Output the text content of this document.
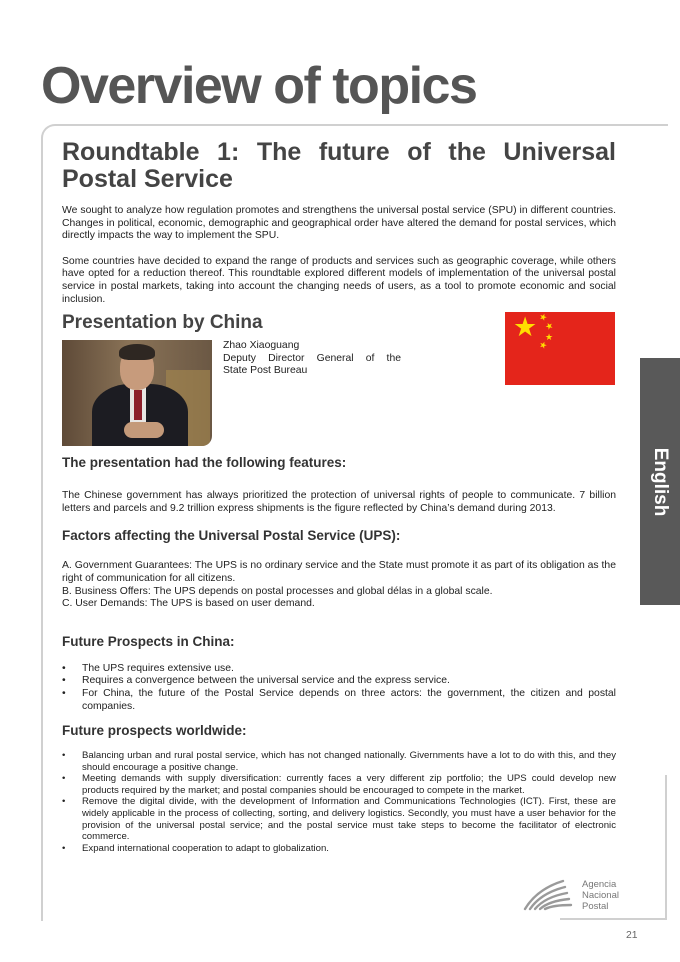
Overview of topics
Roundtable 1: The future of the Universal Postal Service

We sought to analyze how regulation promotes and strengthens the universal postal service (SPU) in different countries. Changes in political, economic, demographic and geographical order have altered the demand for postal services, which directly impacts the way to implement the SPU.

Some countries have decided to expand the range of products and services such as geographic coverage, while others have opted for a reduction thereof. This roundtable explored different models of implementation of the universal postal service in postal markets, taking into account the changing needs of users, as a tool to promote economic and social inclusion.

Presentation by China
Zhao Xiaoguang
Deputy Director General of the
State Post Bureau
★ ★
★
★
★
The presentation had the following features:

The Chinese government has always prioritized the protection of universal rights of people to communicate. 7 billion letters and parcels and 9.2 trillion express shipments is the figure reflected by China’s demand during 2013.

Factors affecting the Universal Postal Service (UPS):

A. Government Guarantees: The UPS is no ordinary service and the State must promote it as part of its obligation as the right of communication for all citizens.

B. Business Offers: The UPS depends on postal processes and global délas in a global scale.

C. User Demands: The UPS is based on user demand.

Future Prospects in China:
• The UPS requires extensive use.
• Requires a convergence between the universal service and the express service.
• For China, the future of the Postal Service depends on three actors: the government, the citizen and postal companies.
Future prospects worldwide:
• Balancing urban and rural postal service, which has not changed nationally. Givernments have a lot to do with this, and they should encourage a positive change.
• Meeting demands with supply diversification: currently faces a very different zip portfolio; the UPS could develop new products required by the market; and postal companies should be encouraged to compete in the market.
• Remove the digital divide, with the development of Information and Communications Technologies (ICT). First, these are widely applicable in the process of collecting, sorting, and delivery logistics. Secondly, you must have a user behavior for the provision of the universal postal service; and the postal service must take steps to become the facilitator of electronic commerce.
• Expand international cooperation to adapt to globalization.
English
Agencia
Nacional
Postal
21
